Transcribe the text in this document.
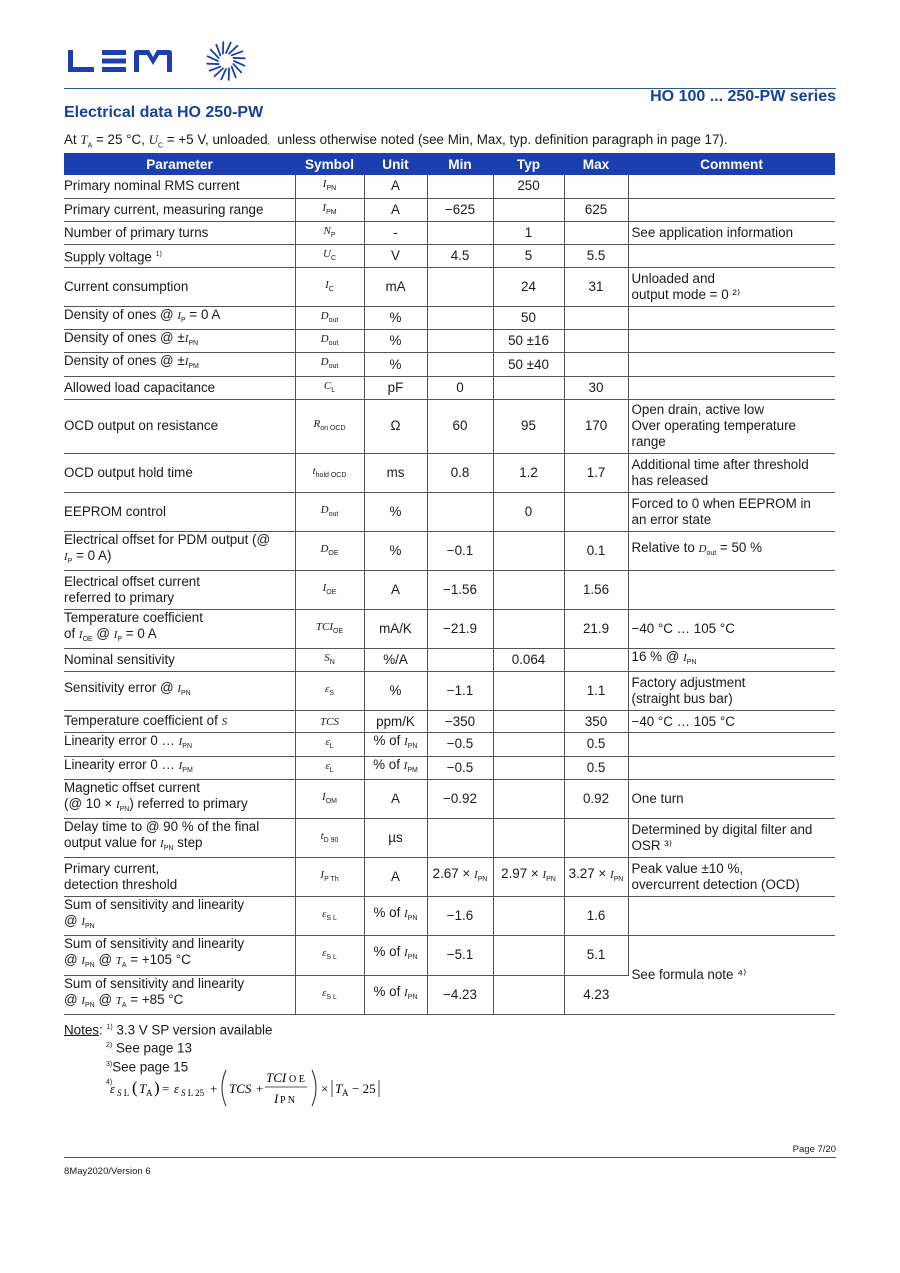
HO 100 ... 250-PW series
Electrical data HO 250-PW
At $T_A = 25$ °C, $U_C = +5$ V, unloaded,  unless otherwise noted (see Min, Max, typ. definition paragraph in page 17).
Parameter	Symbol	Unit	Min	Typ	Max	Comment
Primary nominal RMS current	$I_{PN}$	A		250		
Primary current, measuring range	$I_{PM}$	A	−625		625	
Number of primary turns	$N_P$	-		1		See application information
Supply voltage $^{1)}$	$U_C$	V	4.5	5	5.5	
Current consumption	$I_C$	mA		24	31	Unloaded and
output mode = 0 ²⁾
Density of ones @ $I_P = 0$ A	$D_{out}$	%		50		
Density of ones @ $\pm I_{PN}$	$D_{out}$	%		50 ±16		
Density of ones @ $\pm I_{PM}$	$D_{out}$	%		50 ±40		
Allowed load capacitance	$C_L$	pF	0		30	
OCD output on resistance	$R_{on OCD}$	Ω	60	95	170	Open drain, active low
Over operating temperature
range
OCD output hold time	$t_{hold OCD}$	ms	0.8	1.2	1.7	Additional time after threshold
has released
EEPROM control	$D_{out}$	%		0		Forced to 0 when EEPROM in
an error state
Electrical offset for PDM output (@
$I_P = 0$ A)	$D_{OE}$	%	−0.1		0.1	Relative to $D_{out} = 50$ %
Electrical offset current
referred to primary	$I_{OE}$	A	−1.56		1.56	
Temperature coefficient
of $I_{OE}$ @ $I_P = 0$ A	$TCI_{OE}$	mA/K	−21.9		21.9	−40 °C … 105 °C
Nominal sensitivity	$S_N$	%/A		0.064		16 % @ $I_{PN}$
Sensitivity error @ $I_{PN}$	$\varepsilon_S$	%	−1.1		1.1	Factory adjustment
(straight bus bar)
Temperature coefficient of S	TCS	ppm/K	−350		350	−40 °C … 105 °C
Linearity error 0 … $I_{PN}$	$\varepsilon_L$	% of $I_{PN}$	−0.5		0.5	
Linearity error 0 … $I_{PM}$	$\varepsilon_L$	% of $I_{PM}$	−0.5		0.5	
Magnetic offset current
(@ $10 \times I_{PN}$) referred to primary	$I_{OM}$	A	−0.92		0.92	One turn
Delay time to @ 90 % of the final
output value for $I_{PN}$ step	$t_{D 90}$	µs				Determined by digital filter and
OSR ³⁾
Primary current,
detection threshold	$I_{P Th}$	A	$2.67 \times I_{PN}$	$2.97 \times I_{PN}$	$3.27 \times I_{PN}$	Peak value ±10 %,
overcurrent detection (OCD)
Sum of sensitivity and linearity
@ $I_{PN}$	$\varepsilon_{S L}$	% of $I_{PN}$	−1.6		1.6	
Sum of sensitivity and linearity
@ $I_{PN}$ @ $T_A = +105$ °C	$\varepsilon_{S L}$	% of $I_{PN}$	−5.1		5.1	See formula note ⁴⁾
Sum of sensitivity and linearity
@ $I_{PN}$ @ $T_A = +85$ °C	$\varepsilon_{S L}$	% of $I_{PN}$	−4.23		4.23	
Notes: $^{1)}$ 3.3 V SP version available
$^{2)}$ See page 13
$^{3)}$See page 15
$^{4)}$
ε S L ( T A ) = ε S L 25 + TCS +
TCI O E
I P N
× T A − 25
Page 7/20
8May2020/Version 6
